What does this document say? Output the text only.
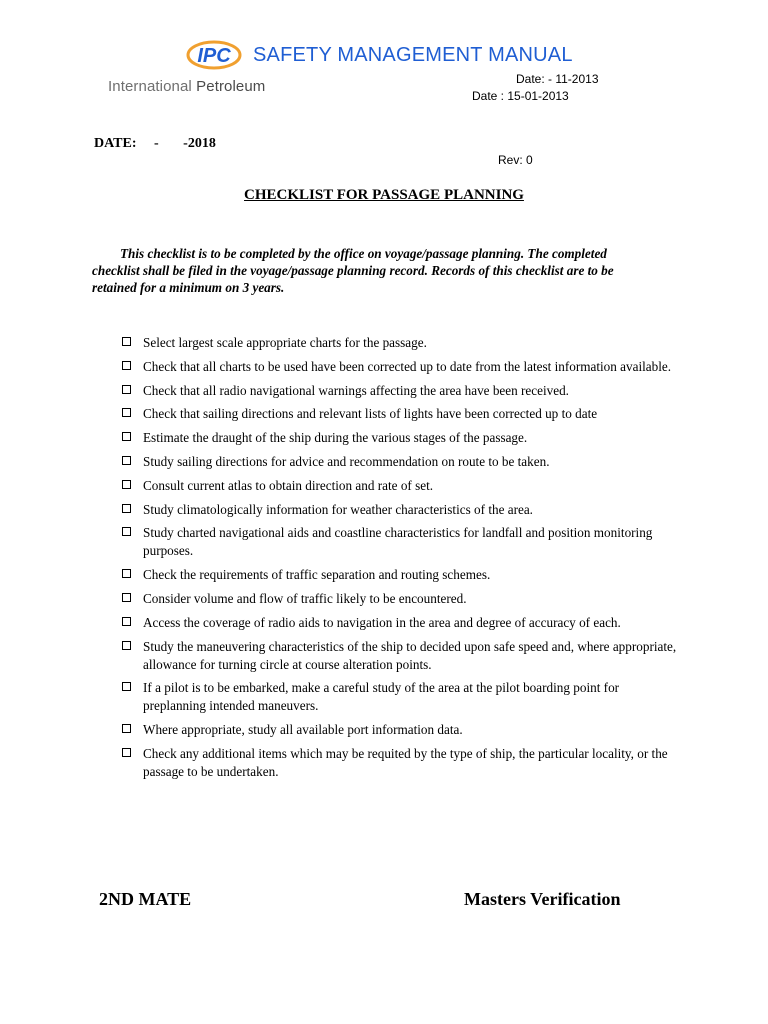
IPC
International Petroleum
SAFETY MANAGEMENT MANUAL
Date: - 11-2013
Date : 15-01-2013
DATE:     -       -2018
Rev: 0
CHECKLIST FOR PASSAGE PLANNING
This checklist is to be completed by the office on voyage/passage planning. The completed checklist shall be filed in the voyage/passage planning record. Records of this checklist are to be retained for a minimum on 3 years.
Select largest scale appropriate charts for the passage.
Check that all charts to be used have been corrected up to date from the latest information available.
Check that all radio navigational warnings affecting the area have been received.
Check that sailing directions and relevant lists of lights have been corrected up to date
Estimate the draught of the ship during the various stages of the passage.
Study sailing directions for advice and recommendation on route to be taken.
Consult current atlas to obtain direction and rate of set.
Study climatologically information for weather characteristics of the area.
Study charted navigational aids and coastline characteristics for landfall and position monitoring purposes.
Check the requirements of traffic separation and routing schemes.
Consider volume and flow of traffic likely to be encountered.
Access the coverage of radio aids to navigation in the area and degree of accuracy of each.
Study the maneuvering characteristics of the ship to decided upon safe speed and, where appropriate, allowance for turning circle at course alteration points.
If a pilot is to be embarked, make a careful study of the area at the pilot boarding point for preplanning intended maneuvers.
Where appropriate, study all available port information data.
Check any additional items which may be requited by the type of ship, the particular locality, or the passage to be undertaken.
2ND MATE	Masters Verification
